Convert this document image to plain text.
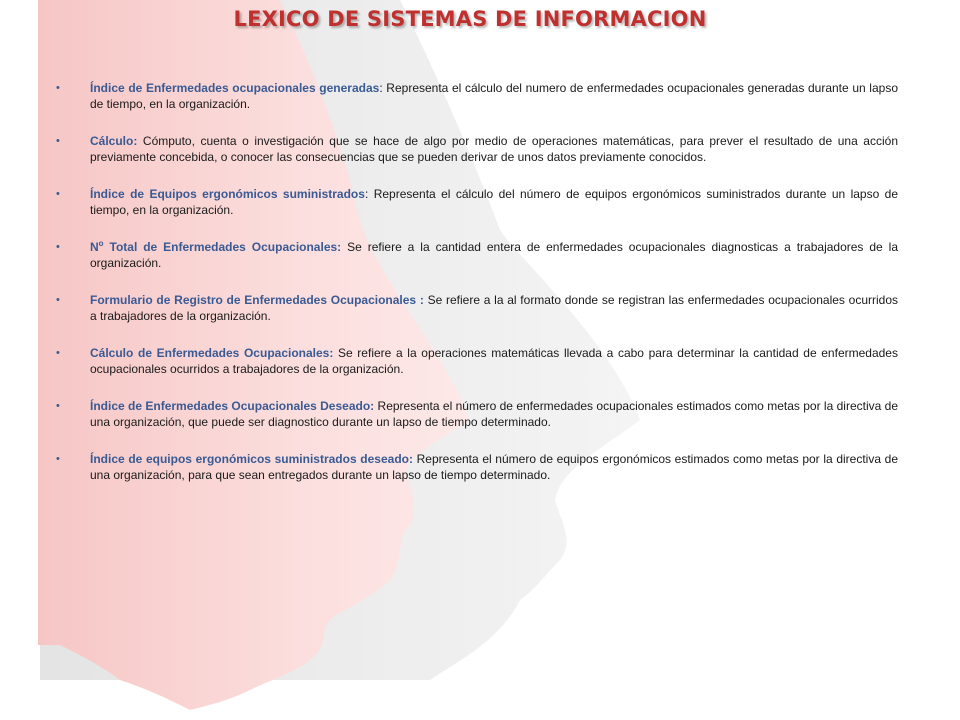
LEXICO DE SISTEMAS DE INFORMACION
•	Índice de Enfermedades ocupacionales generadas: Representa el cálculo del numero de enfermedades ocupacionales generadas durante un lapso de tiempo, en la organización.
•	Cálculo: Cómputo, cuenta o investigación que se hace de algo por medio de operaciones matemáticas, para prever el resultado de una acción previamente concebida, o conocer las consecuencias que se pueden derivar de unos datos previamente conocidos.
•	Índice de Equipos ergonómicos suministrados: Representa el cálculo del número de equipos ergonómicos suministrados durante un lapso de tiempo, en la organización.
•	$N^o$ Total de Enfermedades Ocupacionales: Se refiere a la cantidad entera de enfermedades ocupacionales diagnosticas a trabajadores de la organización.
•	Formulario de Registro de Enfermedades Ocupacionales : Se refiere a la al formato donde se registran las enfermedades ocupacionales ocurridos a trabajadores de la organización.
•	Cálculo de Enfermedades Ocupacionales: Se refiere a la operaciones matemáticas llevada a cabo para determinar la cantidad de enfermedades ocupacionales ocurridos a trabajadores de la organización.
•	Índice de Enfermedades Ocupacionales Deseado: Representa el número de enfermedades ocupacionales estimados como metas por la directiva de una organización, que puede ser diagnostico durante un lapso de tiempo determinado.
•	Índice de equipos ergonómicos suministrados deseado: Representa el número de equipos ergonómicos estimados como metas por la directiva de una organización, para que sean entregados durante un lapso de tiempo determinado.
